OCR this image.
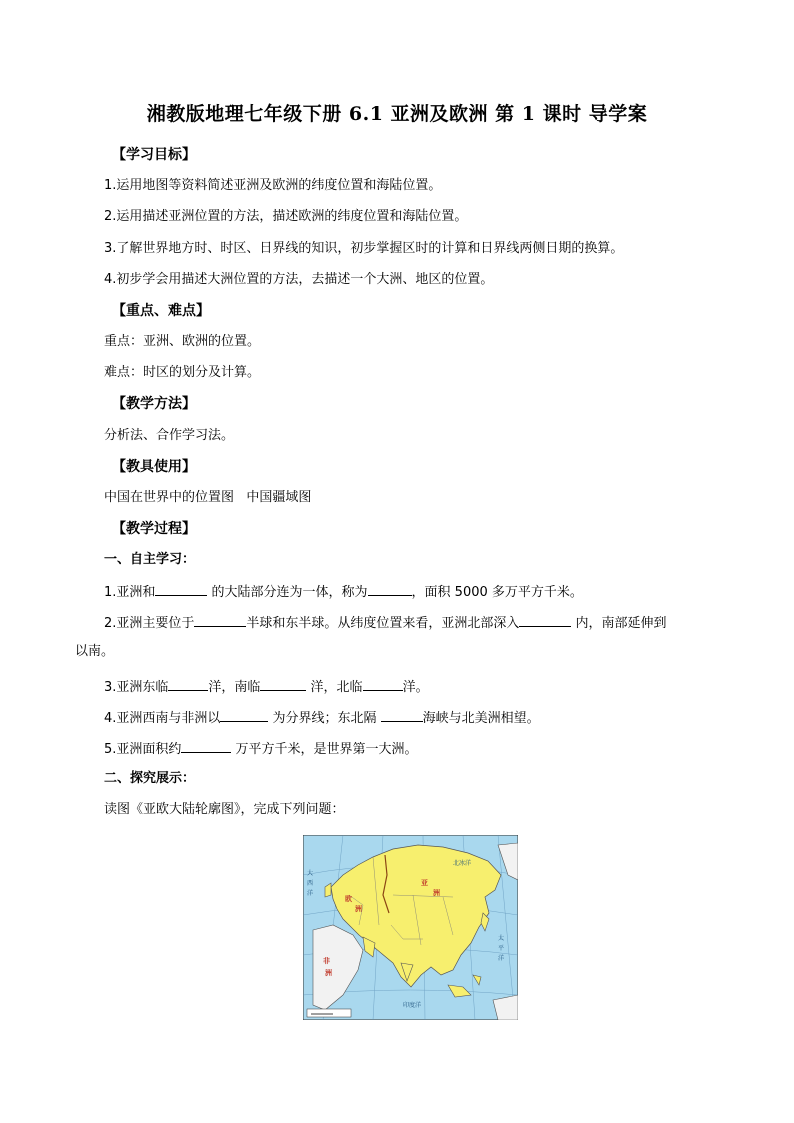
湘教版地理七年级下册 6.1 亚洲及欧洲 第 1 课时 导学案
【学习目标】
1.运用地图等资料简述亚洲及欧洲的纬度位置和海陆位置。
2.运用描述亚洲位置的方法，描述欧洲的纬度位置和海陆位置。
3.了解世界地方时、时区、日界线的知识，初步掌握区时的计算和日界线两侧日期的换算。
4.初步学会用描述大洲位置的方法，去描述一个大洲、地区的位置。
【重点、难点】
重点：亚洲、欧洲的位置。
难点：时区的划分及计算。
【教学方法】
分析法、合作学习法。
【教具使用】
中国在世界中的位置图   中国疆域图
【教学过程】
一、自主学习：
1.亚洲和	的大陆部分连为一体，称为	，面积 5000 多万平方千米。
2.亚洲主要位于	半球和东半球。从纬度位置来看，亚洲北部深入	内，南部延伸到
以南。
3.亚洲东临	洋，南临	洋，北临	洋。
4.亚洲西南与非洲以	为分界线；东北隔	海峡与北美洲相望。
5.亚洲面积约	万平方千米，是世界第一大洲。
二、探究展示：
读图《亚欧大陆轮廓图》，完成下列问题：
欧
洲
亚
洲
非
洲
北冰洋
太
平
洋
印度洋
大
西
洋
